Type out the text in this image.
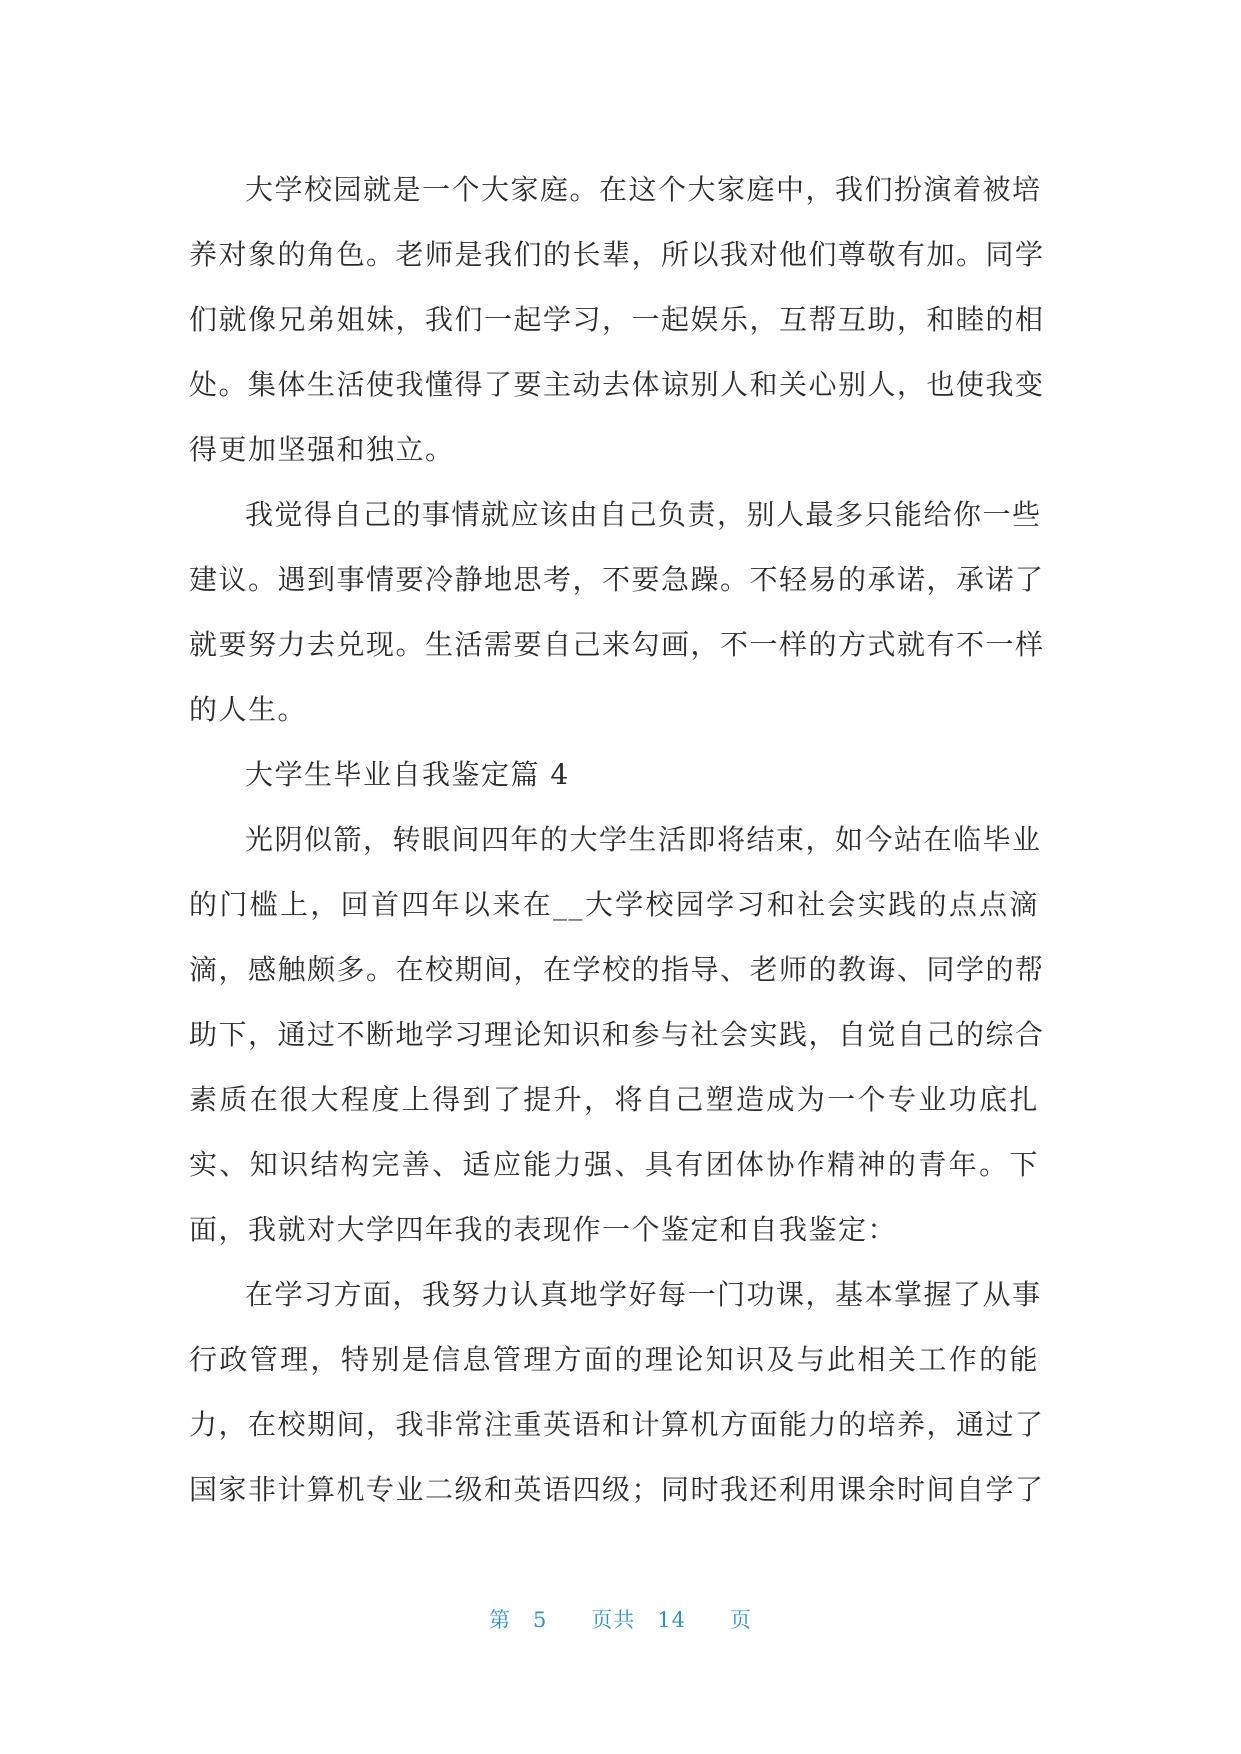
大学校园就是一个大家庭。在这个大家庭中，我们扮演着被培
养对象的角色。老师是我们的长辈，所以我对他们尊敬有加。同学
们就像兄弟姐妹，我们一起学习，一起娱乐，互帮互助，和睦的相
处。集体生活使我懂得了要主动去体谅别人和关心别人，也使我变
得更加坚强和独立。
我觉得自己的事情就应该由自己负责，别人最多只能给你一些
建议。遇到事情要冷静地思考，不要急躁。不轻易的承诺，承诺了
就要努力去兑现。生活需要自己来勾画，不一样的方式就有不一样
的人生。
大学生毕业自我鉴定篇 4
光阴似箭，转眼间四年的大学生活即将结束，如今站在临毕业
的门槛上，回首四年以来在__大学校园学习和社会实践的点点滴
滴，感触颇多。在校期间，在学校的指导、老师的教诲、同学的帮
助下，通过不断地学习理论知识和参与社会实践，自觉自己的综合
素质在很大程度上得到了提升，将自己塑造成为一个专业功底扎
实、知识结构完善、适应能力强、具有团体协作精神的青年。下
面，我就对大学四年我的表现作一个鉴定和自我鉴定：
在学习方面，我努力认真地学好每一门功课，基本掌握了从事
行政管理，特别是信息管理方面的理论知识及与此相关工作的能
力，在校期间，我非常注重英语和计算机方面能力的培养，通过了
国家非计算机专业二级和英语四级；同时我还利用课余时间自学了
第 5 页共 14 页
